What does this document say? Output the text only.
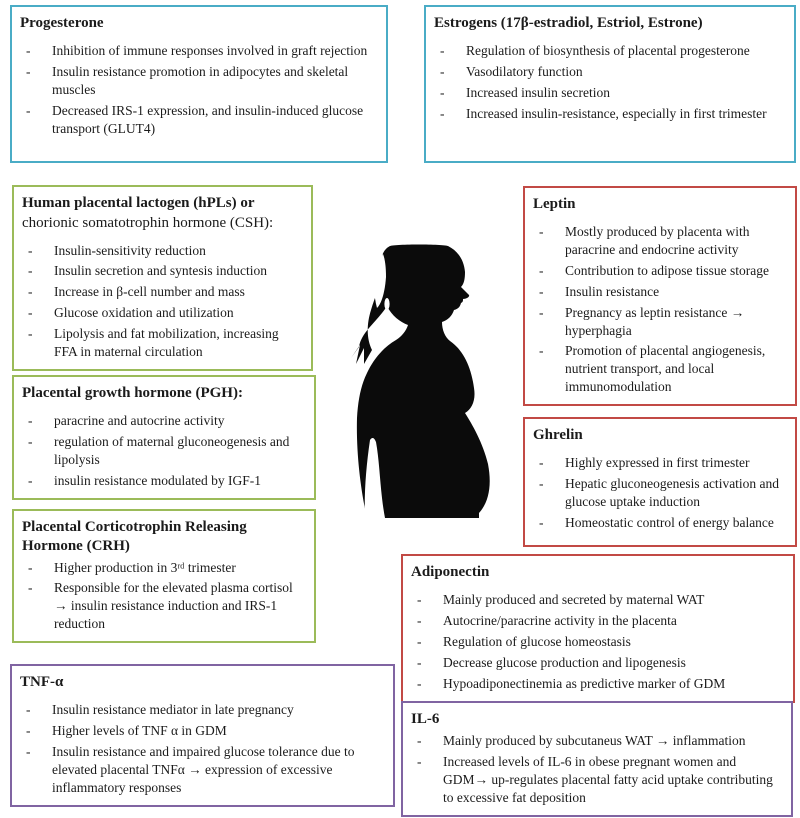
Progesterone
- Inhibition of immune responses involved in graft rejection
- Insulin resistance promotion in adipocytes and skeletal muscles
- Decreased IRS-1 expression, and insulin-induced glucose transport (GLUT4)
Estrogens (17β-estradiol, Estriol, Estrone)
- Regulation of biosynthesis of placental progesterone
- Vasodilatory function
- Increased insulin secretion
- Increased insulin-resistance, especially in first trimester
Human placental lactogen (hPLs) or
chorionic somatotrophin hormone (CSH):
- Insulin-sensitivity reduction
- Insulin secretion and syntesis induction
- Increase in β-cell number and mass
- Glucose oxidation and utilization
- Lipolysis and fat mobilization, increasing FFA in maternal circulation
Placental growth hormone (PGH):
- paracrine and autocrine activity
- regulation of maternal gluconeogenesis and lipolysis
- insulin resistance modulated by IGF-1
Placental Corticotrophin Releasing Hormone (CRH)
- Higher production in 3ʳᵈ trimester
- Responsible for the elevated plasma cortisol → insulin resistance induction and IRS-1 reduction
TNF-α
- Insulin resistance mediator in late pregnancy
- Higher levels of TNF α in GDM
- Insulin resistance and impaired glucose tolerance due to elevated placental TNFα → expression of excessive inflammatory responses
Leptin
- Mostly produced by placenta with paracrine and endocrine activity
- Contribution to adipose tissue storage
- Insulin resistance
- Pregnancy as leptin resistance → hyperphagia
- Promotion of placental angiogenesis, nutrient transport, and local immunomodulation
Ghrelin
- Highly expressed in first trimester
- Hepatic gluconeogenesis activation and glucose uptake induction
- Homeostatic control of energy balance
Adiponectin
- Mainly produced and secreted by maternal WAT
- Autocrine/paracrine activity in the placenta
- Regulation of glucose homeostasis
- Decrease glucose production and lipogenesis
- Hypoadiponectinemia as predictive marker of GDM
IL-6
- Mainly produced by subcutaneus WAT → inflammation
- Increased levels of IL-6 in obese pregnant women and GDM→ up-regulates placental fatty acid uptake contributing to excessive fat deposition
